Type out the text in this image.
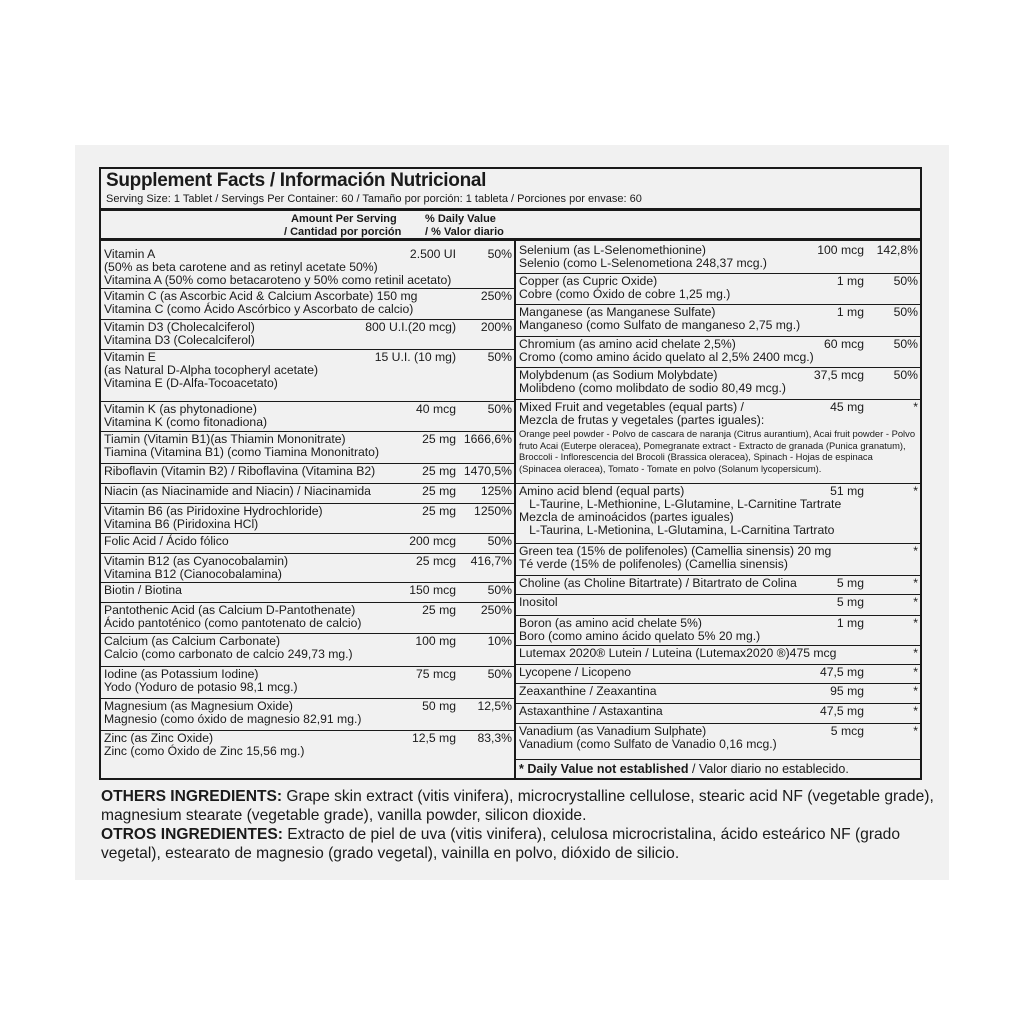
Supplement Facts / Información Nutricional
Serving Size: 1 Tablet / Servings Per Container: 60 / Tamaño por porción: 1 tableta / Porciones por envase: 60
Amount Per Serving	% Daily Value
/ Cantidad por porción / % Valor diario
Vitamin A
(50% as beta carotene and as retinyl acetate 50%)
Vitamina A (50% como betacaroteno y 50% como retinil acetato)
2.500 UI	50%
Vitamin C (as Ascorbic Acid & Calcium Ascorbate) 150 mg
Vitamina C (como Ácido Ascórbico y Ascorbato de calcio)
250%
Vitamin D3 (Cholecalciferol)
Vitamina D3 (Colecalciferol)
800 U.I.(20 mcg) 200%
Vitamin E
(as Natural D-Alpha tocopheryl acetate)
Vitamina E (D-Alfa-Tocoacetato)
15 U.I. (10 mg)	50%
Vitamin K (as phytonadione)
Vitamina K (como fitonadiona)
40 mcg	50%
Tiamin (Vitamin B1)(as Thiamin Mononitrate)
Tiamina (Vitamina B1) (como Tiamina Mononitrato)
25 mg 1666,6%
Riboflavin (Vitamin B2) / Riboflavina (Vitamina B2)	25 mg 1470,5%
Niacin (as Niacinamide and Niacin) / Niacinamida	25 mg 125%
Vitamin B6 (as Piridoxine Hydrochloride)
Vitamina B6 (Piridoxina HCl)
25 mg 1250%
Folic Acid / Ácido fólico	200 mcg	50%
Vitamin B12 (as Cyanocobalamin)
Vitamina B12 (Cianocobalamina)
25 mcg 416,7%
Biotin / Biotina	150 mcg	50%
Pantothenic Acid (as Calcium D-Pantothenate)
Ácido pantoténico (como pantotenato de calcio)
25 mg 250%
Calcium (as Calcium Carbonate)
Calcio (como carbonato de calcio 249,73 mg.)
100 mg	10%
Iodine (as Potassium Iodine)
Yodo (Yoduro de potasio 98,1 mcg.)
75 mcg	50%
Magnesium (as Magnesium Oxide)
Magnesio (como óxido de magnesio 82,91 mg.)
50 mg 12,5%
Zinc (as Zinc Oxide)
Zinc (como Óxido de Zinc 15,56 mg.)
12,5 mg 83,3%
Selenium (as L-Selenomethionine)
Selenio (como L-Selenometiona 248,37 mcg.)
100 mcg 142,8%
Copper (as Cupric Oxide)
Cobre (como Óxido de cobre 1,25 mg.)
1 mg 50%
Manganese (as Manganese Sulfate)
Manganeso (como Sulfato de manganeso 2,75 mg.)
1 mg 50%
Chromium (as amino acid chelate 2,5%)
Cromo (como amino ácido quelato al 2,5% 2400 mcg.)
60 mcg 50%
Molybdenum (as Sodium Molybdate)
Molibdeno (como molibdato de sodio 80,49 mcg.)
37,5 mcg 50%
Mixed Fruit and vegetables (equal parts) /
Mezcla de frutas y vegetales (partes iguales):
45 mg	*
Orange peel powder - Polvo de cascara de naranja (Citrus aurantium), Acai fruit powder - Polvo fruto Acai (Euterpe oleracea), Pomegranate extract - Extracto de granada (Punica granatum), Broccoli - Inflorescencia del Brocoli (Brassica oleracea), Spinach - Hojas de espinaca (Spinacea oleracea), Tomato - Tomate en polvo (Solanum lycopersicum).
Amino acid blend (equal parts)
L-Taurine, L-Methionine, L-Glutamine, L-Carnitine Tartrate
Mezcla de aminoácidos (partes iguales)
L-Taurina, L-Metionina, L-Glutamina, L-Carnitina Tartrato
51 mg	*
Green tea (15% de polifenoles) (Camellia sinensis) 20 mg
Té verde (15% de polifenoles) (Camellia sinensis)
*
Choline (as Choline Bitartrate) / Bitartrato de Colina	5 mg	*
Inositol	5 mg	*
Boron (as amino acid chelate 5%)
Boro (como amino ácido quelato 5% 20 mg.)
1 mg	*
Lutemax 2020® Lutein / Luteina (Lutemax2020 ®)475 mcg	*
Lycopene / Licopeno	47,5 mg	*
Zeaxanthine / Zeaxantina	95 mg	*
Astaxanthine / Astaxantina	47,5 mg	*
Vanadium (as Vanadium Sulphate)
Vanadium (como Sulfato de Vanadio 0,16 mcg.)
5 mcg	*
* Daily Value not established / Valor diario no establecido.
OTHERS INGREDIENTS: Grape skin extract (vitis vinifera), microcrystalline cellulose, stearic acid NF (vegetable grade), magnesium stearate (vegetable grade), vanilla powder, silicon dioxide.
OTROS INGREDIENTES: Extracto de piel de uva (vitis vinifera), celulosa microcristalina, ácido esteárico NF (grado vegetal), estearato de magnesio (grado vegetal), vainilla en polvo, dióxido de silicio.
